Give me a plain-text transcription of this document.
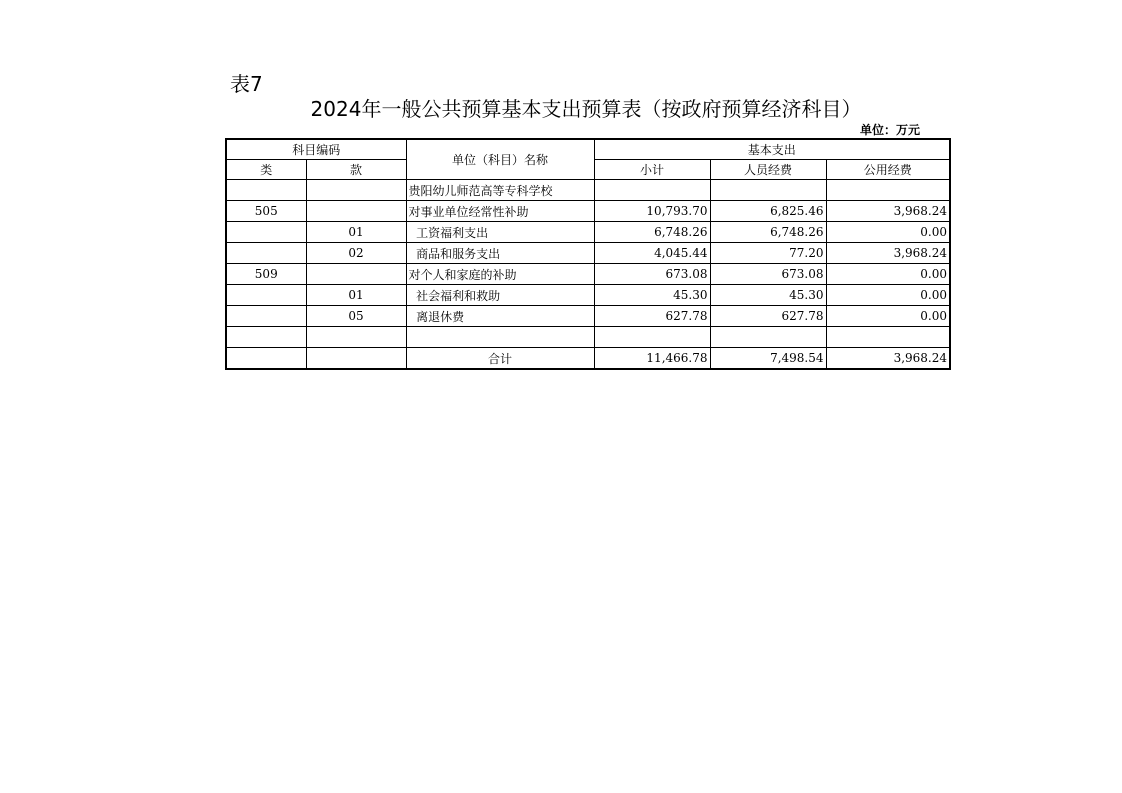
表7
2024年一般公共预算基本支出预算表（按政府预算经济科目）
单位：万元
科目编码		单位（科目）名称	基本支出		
类	款		小计	人员经费	公用经费
		贵阳幼儿师范高等专科学校			
505		对事业单位经常性补助	10,793.70	6,825.46	3,968.24
	01	工资福利支出	6,748.26	6,748.26	0.00
	02	商品和服务支出	4,045.44	77.20	3,968.24
509		对个人和家庭的补助	673.08	673.08	0.00
	01	社会福利和救助	45.30	45.30	0.00
	05	离退休费	627.78	627.78	0.00

		合计	11,466.78	7,498.54	3,968.24
